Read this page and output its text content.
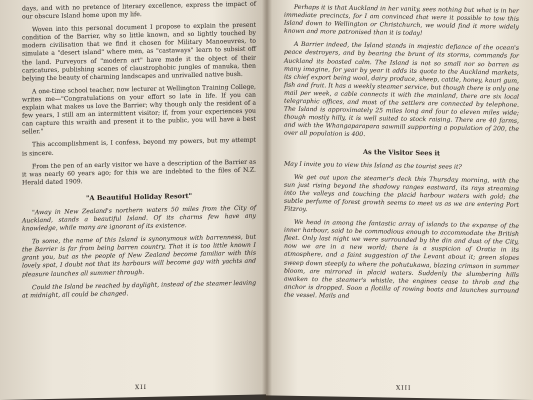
days, and with no pretence of literary excellence, express the impact of our obscure Island home upon my life.

Woven into this personal document I propose to explain the present condition of the Barrier, why so little known, and so lightly touched by modern civilisation that we find it chosen for Military Manoeuvres, to simulate a "desert island" where men, as "castaways" learn to subsist off the land. Purveyors of "modern art" have made it the object of their caricatures, publishing scenes of claustrophobic jungles of manuka, then belying the beauty of charming landscapes and unrivalled native bush.

A one-time school teacher, now lecturer at Wellington Training College, writes me—"Congratulations on your effort so late in life. If you can explain what makes us love the Barrier; why though only the resident of a few years, I still am an intermittent visitor; if, from your experiences you can capture this wraith and present it to the public, you will have a best seller."

This accomplishment is, I confess, beyond my powers, but my attempt is sincere.

From the pen of an early visitor we have a description of the Barrier as it was nearly 60 years ago; for this we are indebted to the files of N.Z. Herald dated 1909.

"A Beautiful Holiday Resort"

"Away in New Zealand's northern waters 50 miles from the City of Auckland, stands a beautiful Island. Of its charms few have any knowledge, while many are ignorant of its existence.

To some, the name of this Island is synonymous with barrenness, but the Barrier is far from being barren country. That it is too little known I grant you, but as the people of New Zealand become familiar with this lovely spot, I doubt not that its harbours will become gay with yachts and pleasure launches all summer through.

Could the Island be reached by daylight, instead of the steamer leaving at midnight, all could be changed.

XII

Perhaps it is that Auckland in her vanity, sees nothing but what is in her immediate precincts, for I am convinced that were it possible to tow this Island down to Wellington or Christchurch, we would find it more widely known and more patronised than it is today!

A Barrier indeed, the Island stands in majestic defiance of the ocean's peace destroyers, and by bearing the brunt of its storms, commands for Auckland its boasted calm. The Island is not so small nor so barren as many imagine, for year by year it adds its quota to the Auckland markets, its chief export being wool, dairy produce, sheep, cattle, honey, kauri gum, fish and fruit. It has a weekly steamer service, but though there is only one mail per week, a cable connects it with the mainland, there are six local telegraphic offices, and most of the settlers are connected by telephone. The Island is approximately 25 miles long and four to eleven miles wide; though mostly hilly, it is well suited to stock raising. There are 40 farms, and with the Whangaparapara sawmill supporting a population of 200, the over all population is 400.

As the Visitor Sees it

May I invite you to view this Island as the tourist sees it?

We get out upon the steamer's deck this Thursday morning, with the sun just rising beyond the shadowy ranges eastward, its rays streaming into the valleys and touching the placid harbour waters with gold; the subtle perfume of forest growth seems to meet us as we are entering Port Fitzroy.

We head in among the fantastic array of islands to the expanse of the inner harbour, said to be commodious enough to accommodate the British fleet. Only last night we were surrounded by the din and dust of the City, now we are in a new world; there is a suspicion of Oratia in its atmosphere, and a faint suggestion of the Levant about it; green slopes sweep down steeply to where the pohutukawa, blazing crimson in summer bloom, are mirrored in placid waters. Suddenly the slumbering hills awaken to the steamer's whistle, the engines cease to throb and the anchor is dropped. Soon a flotilla of rowing boats and launches surround the vessel. Mails and

XIII
